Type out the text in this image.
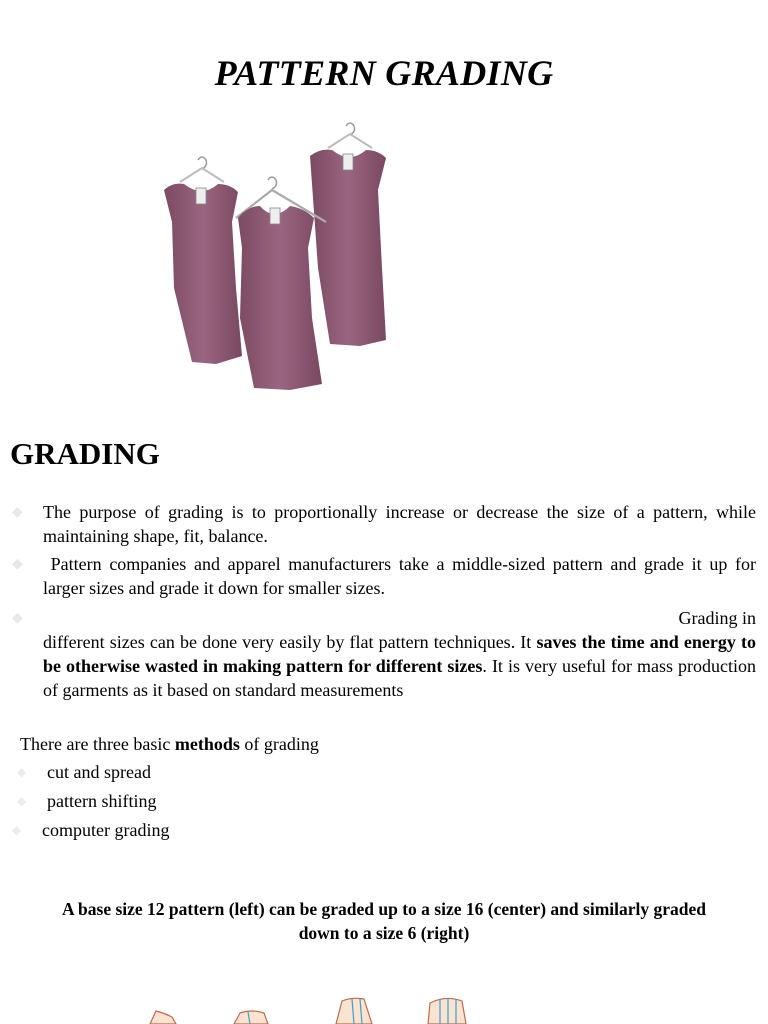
PATTERN GRADING
GRADING
◆ The purpose of grading is to proportionally increase or decrease the size of a pattern, while maintaining shape, fit, balance.
◆ Pattern companies and apparel manufacturers take a middle-sized pattern and grade it up for larger sizes and grade it down for smaller sizes.
◆	Grading in
different sizes can be done very easily by flat pattern techniques. It saves the time and energy to be otherwise wasted in making pattern for different sizes. It is very useful for mass production of garments as it based on standard measurements
There are three basic methods of grading
◆ cut and spread
◆ pattern shifting
◆ computer grading
A base size 12 pattern (left) can be graded up to a size 16 (center) and similarly graded down to a size 6 (right)
